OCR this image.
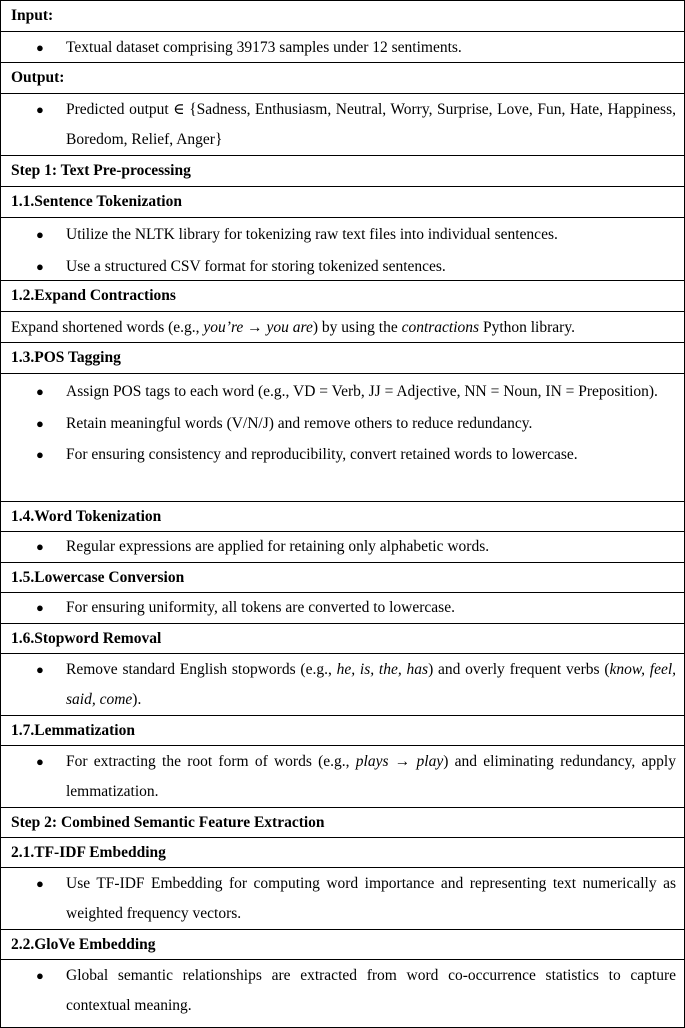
Input:
●	Textual dataset comprising 39173 samples under 12 sentiments.
Output:
●	Predicted output ∈ {Sadness, Enthusiasm, Neutral, Worry, Surprise, Love, Fun, Hate, Happiness, Boredom, Relief, Anger}
Step 1: Text Pre-processing
1.1.Sentence Tokenization
●	Utilize the NLTK library for tokenizing raw text files into individual sentences.
●	Use a structured CSV format for storing tokenized sentences.
1.2.Expand Contractions
Expand shortened words (e.g., you’re → you are) by using the contractions Python library.
1.3.POS Tagging
●	Assign POS tags to each word (e.g., VD = Verb, JJ = Adjective, NN = Noun, IN = Preposition).
●	Retain meaningful words (V/N/J) and remove others to reduce redundancy.
●	For ensuring consistency and reproducibility, convert retained words to lowercase.
1.4.Word Tokenization
●	Regular expressions are applied for retaining only alphabetic words.
1.5.Lowercase Conversion
●	For ensuring uniformity, all tokens are converted to lowercase.
1.6.Stopword Removal
●	Remove standard English stopwords (e.g., he, is, the, has) and overly frequent verbs (know, feel, said, come).
1.7.Lemmatization
●	For extracting the root form of words (e.g., plays → play) and eliminating redundancy, apply lemmatization.
Step 2: Combined Semantic Feature Extraction
2.1.TF-IDF Embedding
●	Use TF-IDF Embedding for computing word importance and representing text numerically as weighted frequency vectors.
2.2.GloVe Embedding
●	Global semantic relationships are extracted from word co-occurrence statistics to capture contextual meaning.
